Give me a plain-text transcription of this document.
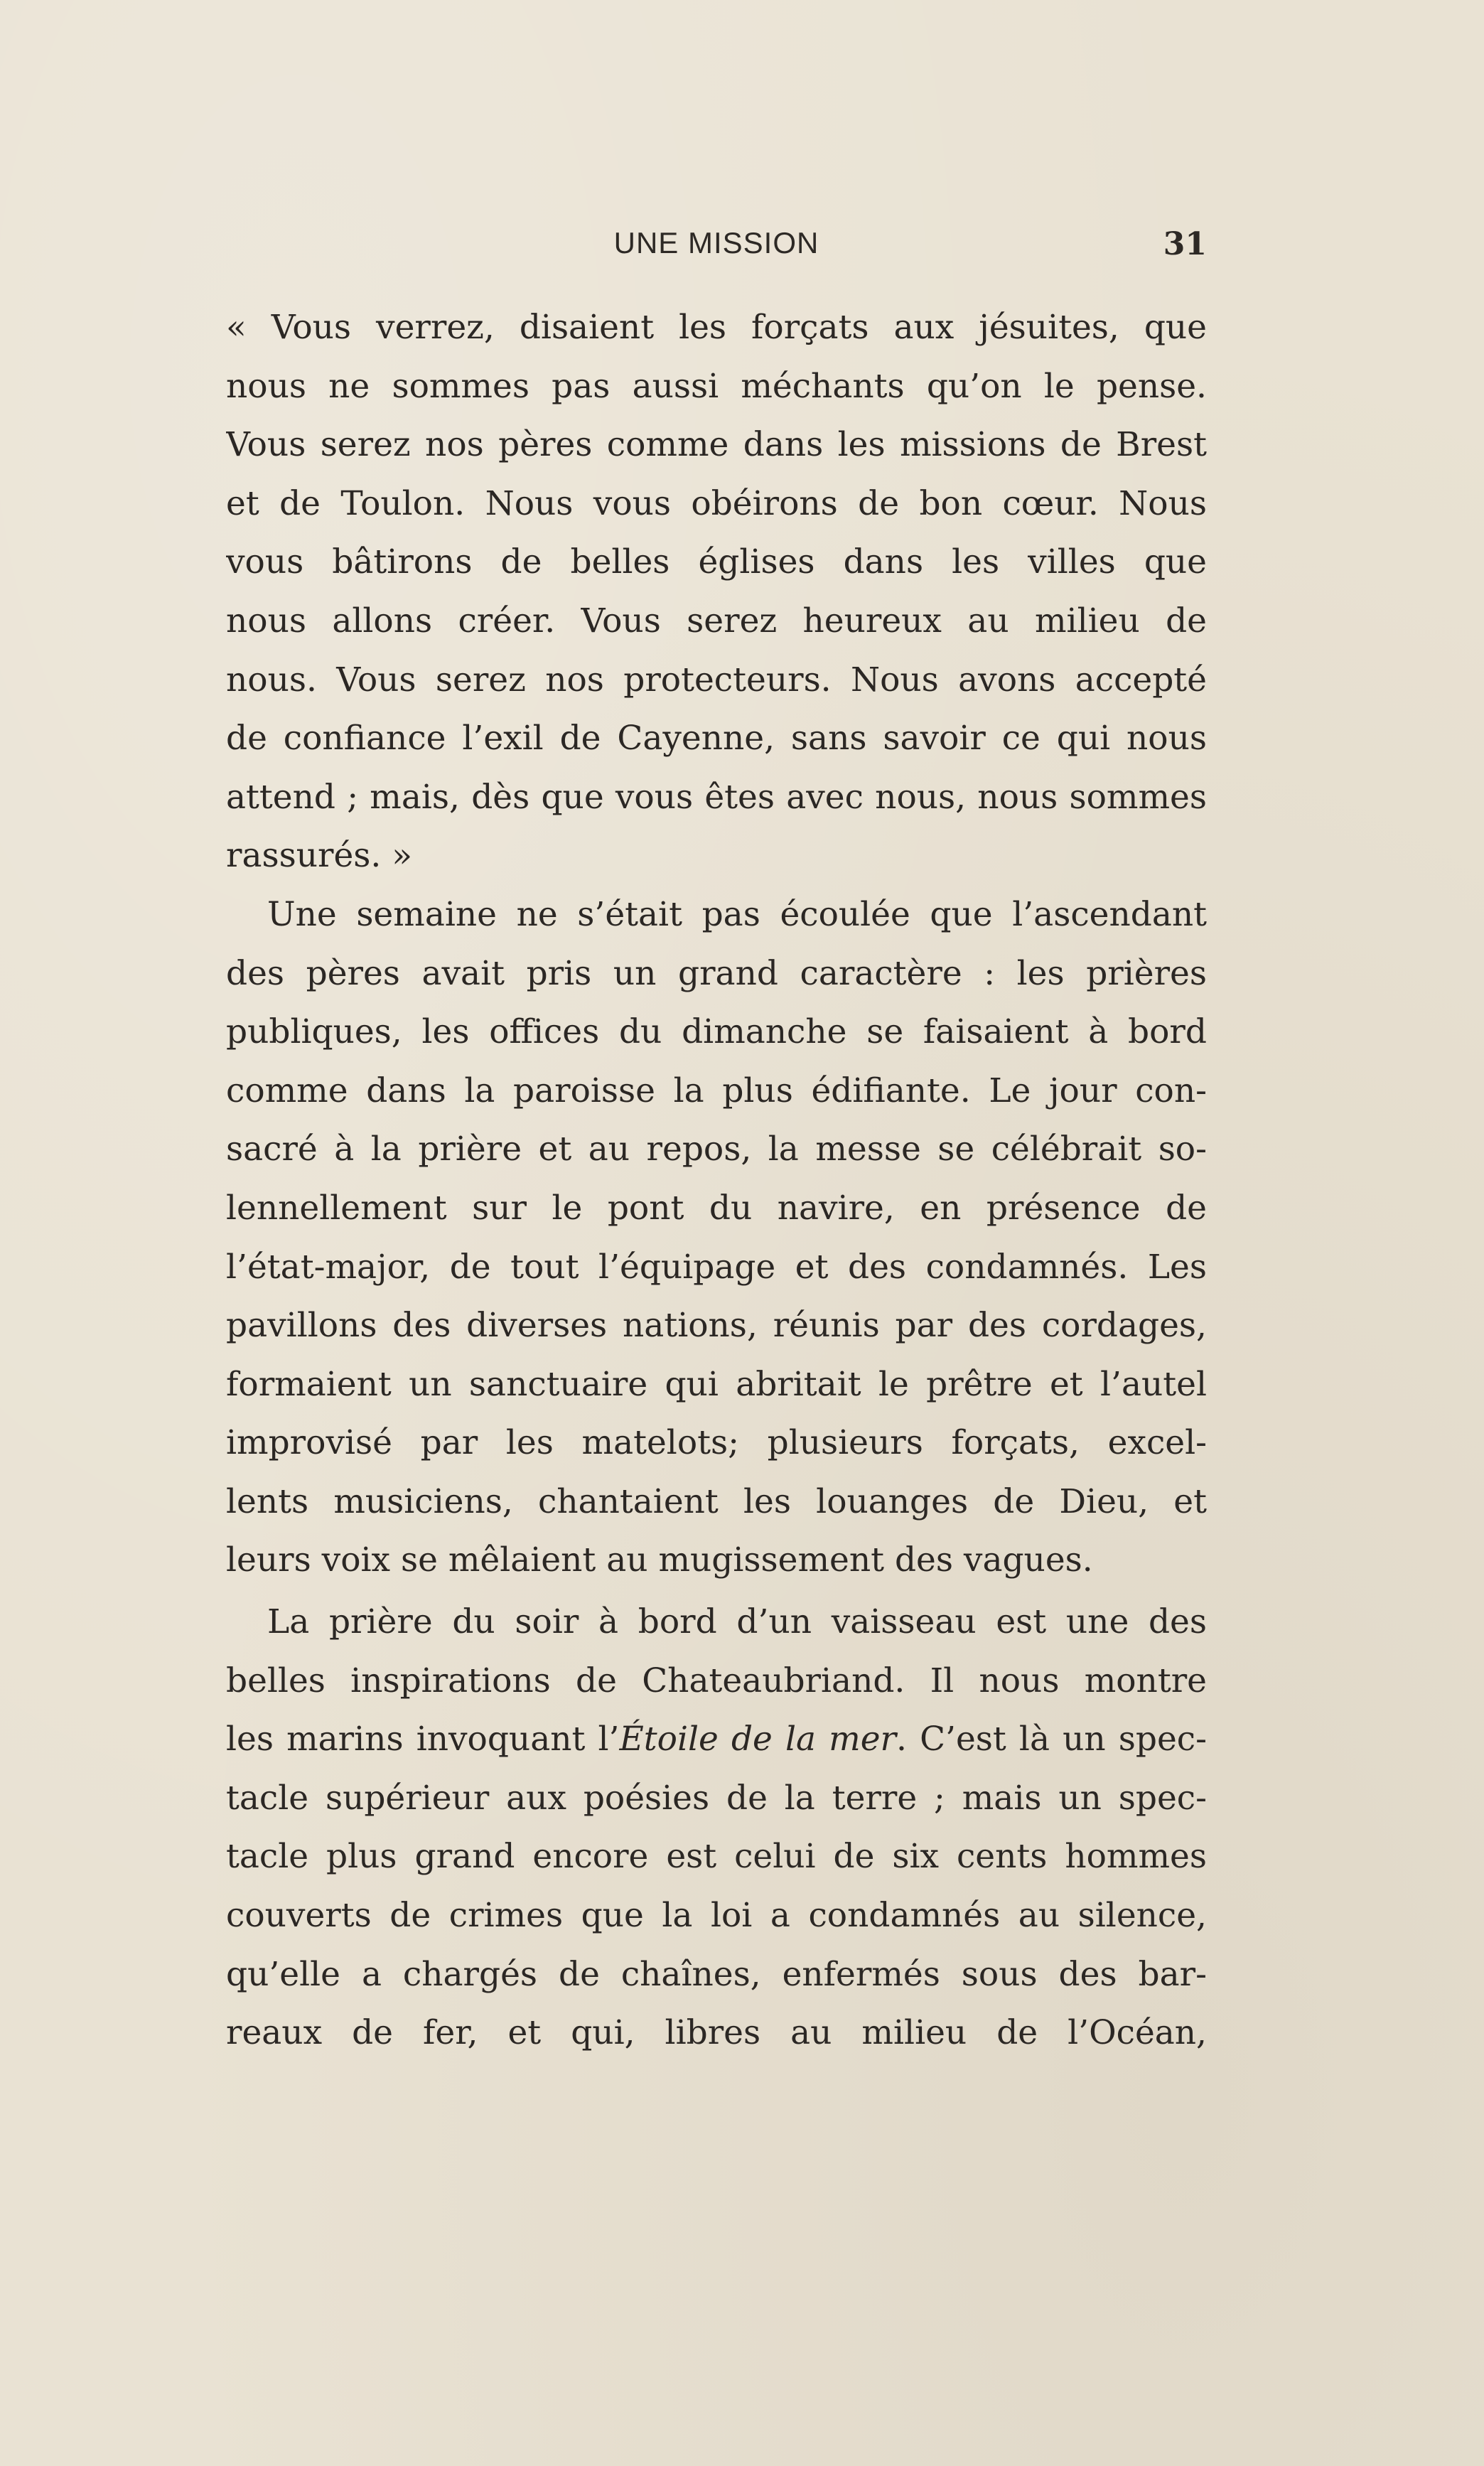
UNE MISSION	31
« Vous verrez, disaient les forçats aux jésuites, que
nous ne sommes pas aussi méchants qu’on le pense.
Vous serez nos pères comme dans les missions de Brest
et de Toulon. Nous vous obéirons de bon cœur. Nous
vous bâtirons de belles églises dans les villes que
nous allons créer. Vous serez heureux au milieu de
nous. Vous serez nos protecteurs. Nous avons accepté
de confiance l’exil de Cayenne, sans savoir ce qui nous
attend ; mais, dès que vous êtes avec nous, nous sommes
rassurés. »
Une semaine ne s’était pas écoulée que l’ascendant
des pères avait pris un grand caractère : les prières
publiques, les offices du dimanche se faisaient à bord
comme dans la paroisse la plus édifiante. Le jour con-
sacré à la prière et au repos, la messe se célébrait so-
lennellement sur le pont du navire, en présence de
l’état-major, de tout l’équipage et des condamnés. Les
pavillons des diverses nations, réunis par des cordages,
formaient un sanctuaire qui abritait le prêtre et l’autel
improvisé par les matelots; plusieurs forçats, excel-
lents musiciens, chantaient les louanges de Dieu, et
leurs voix se mêlaient au mugissement des vagues.
La prière du soir à bord d’un vaisseau est une des
belles inspirations de Chateaubriand. Il nous montre
les marins invoquant l’Étoile de la mer. C’est là un spec-
tacle supérieur aux poésies de la terre ; mais un spec-
tacle plus grand encore est celui de six cents hommes
couverts de crimes que la loi a condamnés au silence,
qu’elle a chargés de chaînes, enfermés sous des bar-
reaux de fer, et qui, libres au milieu de l’Océan,
